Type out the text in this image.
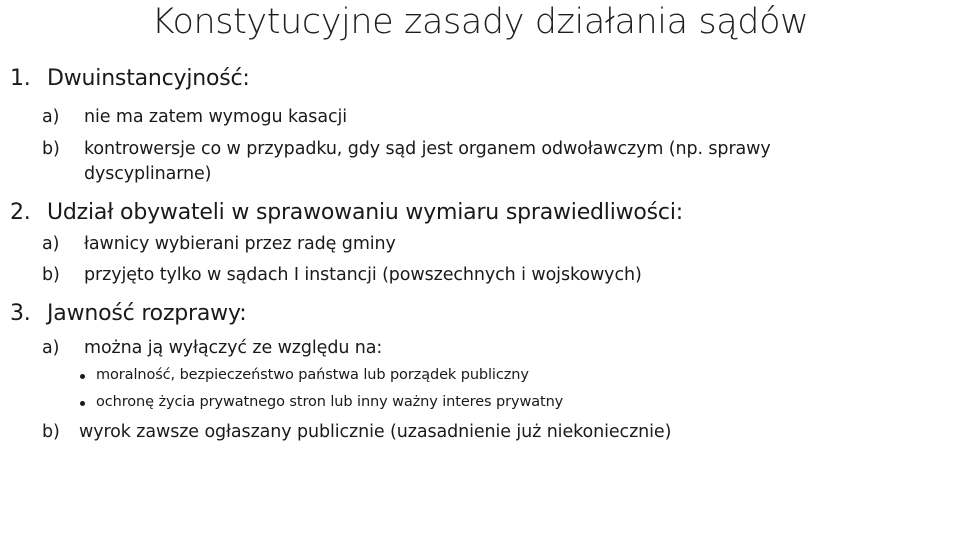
Konstytucyjne zasady działania sądów
1. Dwuinstancyjność:
a) nie ma zatem wymogu kasacji
b) kontrowersje co w przypadku, gdy sąd jest organem odwoławczym (np. sprawy
dyscyplinarne)
2. Udział obywateli w sprawowaniu wymiaru sprawiedliwości:
a) ławnicy wybierani przez radę gminy
b) przyjęto tylko w sądach I instancji (powszechnych i wojskowych)
3. Jawność rozprawy:
a) można ją wyłączyć ze względu na:
moralność, bezpieczeństwo państwa lub porządek publiczny
ochronę życia prywatnego stron lub inny ważny interes prywatny
b) wyrok zawsze ogłaszany publicznie (uzasadnienie już niekoniecznie)
